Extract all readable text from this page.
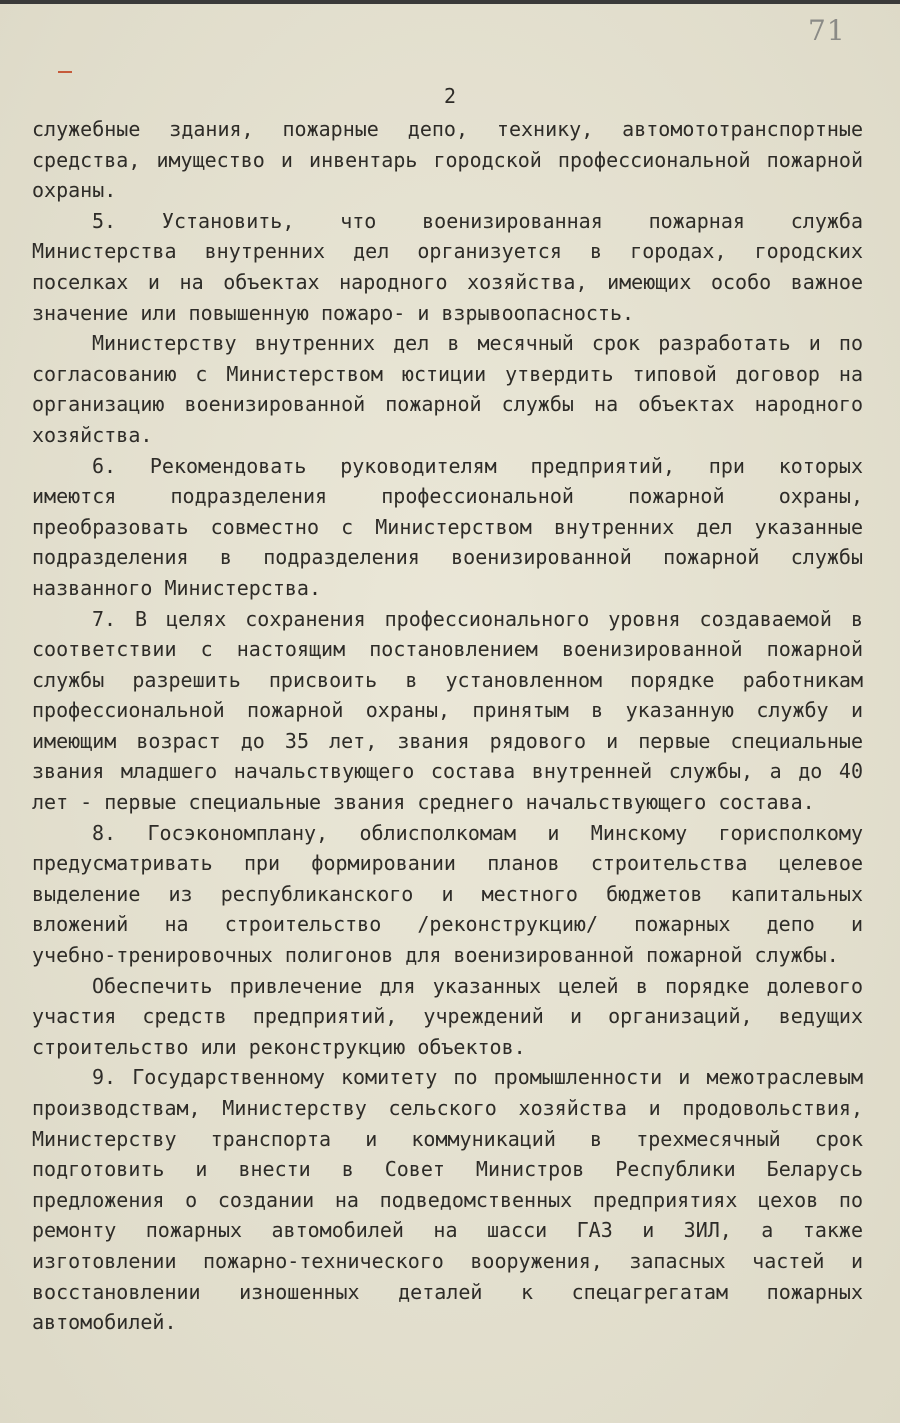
71
2
служебные здания, пожарные депо, технику, автомототранспортные
средства, имущество и инвентарь городской профессиональной пожарной
охраны.
5. Установить, что военизированная пожарная служба
Министерства внутренних дел организуется в городах, городских
поселках и на объектах народного хозяйства, имеющих особо важное
значение или повышенную пожаро- и взрывоопасность.
Министерству внутренних дел в месячный срок разработать и по
согласованию с Министерством юстиции утвердить типовой договор на
организацию военизированной пожарной службы на объектах народного
хозяйства.
6. Рекомендовать руководителям предприятий, при которых
имеются подразделения профессиональной пожарной охраны,
преобразовать совместно с Министерством внутренних дел указанные
подразделения в подразделения военизированной пожарной службы
названного Министерства.
7. В целях сохранения профессионального уровня создаваемой в
соответствии с настоящим постановлением военизированной пожарной
службы разрешить присвоить в установленном порядке работникам
профессиональной пожарной охраны, принятым в указанную службу и
имеющим возраст до 35 лет, звания рядового и первые специальные
звания младшего начальствующего состава внутренней службы, а до 40
лет - первые специальные звания среднего начальствующего состава.
8. Госэкономплану, облисполкомам и Минскому горисполкому
предусматривать при формировании планов строительства целевое
выделение из республиканского и местного бюджетов капитальных
вложений на строительство /реконструкцию/ пожарных депо и
учебно-тренировочных полигонов для военизированной пожарной службы.
Обеспечить привлечение для указанных целей в порядке долевого
участия средств предприятий, учреждений и организаций, ведущих
строительство или реконструкцию объектов.
9. Государственному комитету по промышленности и межотраслевым
производствам, Министерству сельского хозяйства и продовольствия,
Министерству транспорта и коммуникаций в трехмесячный срок
подготовить и внести в Совет Министров Республики Беларусь
предложения о создании на подведомственных предприятиях цехов по
ремонту пожарных автомобилей на шасси ГАЗ и ЗИЛ, а также
изготовлении пожарно-технического вооружения, запасных частей и
восстановлении изношенных деталей к спецагрегатам пожарных
автомобилей.
